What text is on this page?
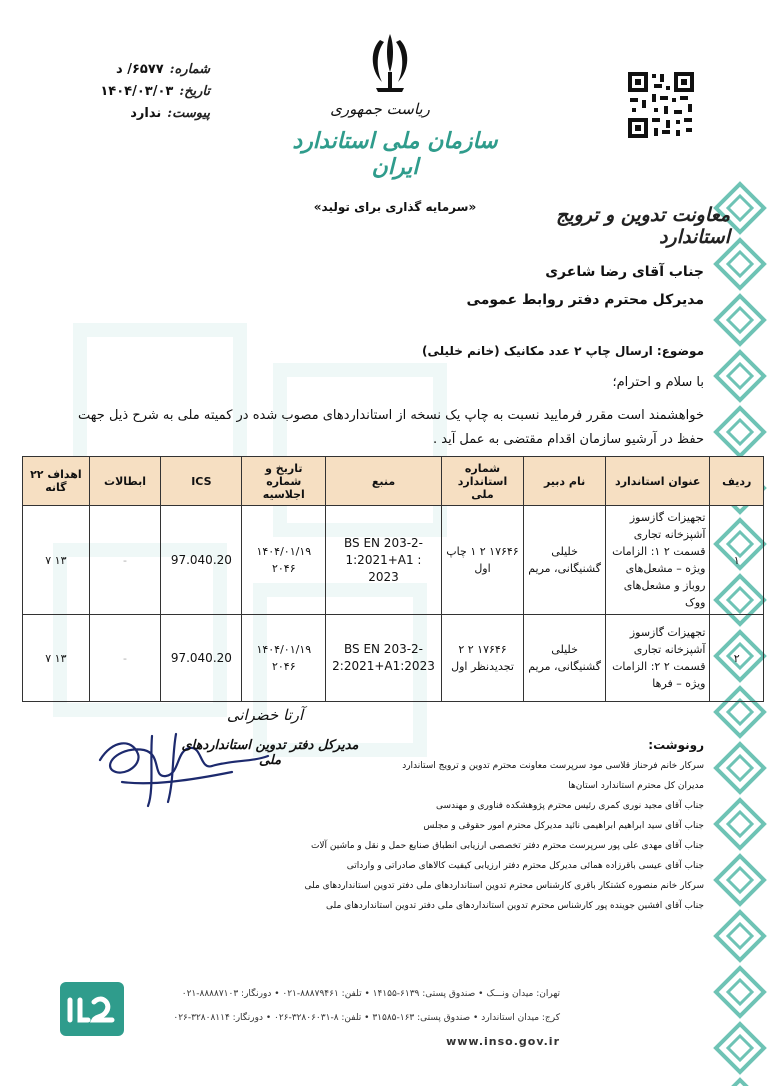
شماره:
۶۵۷۷/ د
تاریخ:
۱۴۰۴/۰۳/۰۳
پیوست:
ندارد	ریاست جمهوری
سازمان ملی استاندارد ایران
«سرمایه گذاری برای تولید»	معاونت تدوین و ترویج استاندارد
جناب آقای رضا شاعری
مدیرکل محترم دفتر روابط عمومی
موضوع: ارسال چاپ ۲ عدد مکانیک (خانم خلیلی)
با سلام و احترام؛
خواهشمند است مقرر فرمایید نسبت به چاپ یک نسخه از استانداردهای مصوب شده در کمیته ملی به شرح ذیل جهت حفظ در آرشیو سازمان اقدام مقتضی به عمل آید .
ردیف	عنوان استاندارد	نام دبیر	شماره استاندارد ملی	منبع	تاریخ و شماره اجلاسیه	ICS	ابطالات	اهداف ۲۲ گانه
۱	تجهیزات گازسوز آشپزخانه تجاری قسمت ۲ ۱: الزامات ویژه – مشعل‌های روباز و مشعل‌های ووک	خلیلی گشنیگانی، مریم	۱۷۶۴۶ ۲ ۱ چاپ اول	BS EN 203-2-1:2021+A1 : 2023	۱۴۰۴/۰۱/۱۹ ۲۰۴۶	97.040.20	-	۱۳ ۷
۲	تجهیزات گازسوز آشپزخانه تجاری قسمت ۲ ۲: الزامات ویژه – فرها	خلیلی گشنیگانی، مریم	۱۷۶۴۶ ۲ ۲ تجدیدنظر اول	BS EN 203-2-2:2021+A1:2023	۱۴۰۴/۰۱/۱۹ ۲۰۴۶	97.040.20	-	۱۳ ۷
آرتا خضرانی
مدیرکل دفتر تدوین استانداردهای ملی
رونوشت:
سرکار خانم فرحناز قلاسی مود سرپرست معاونت محترم تدوین و ترویج استاندارد
مدیران کل محترم استاندارد استان‌ها
جناب آقای مجید نوری کمری رئیس محترم پژوهشکده فناوری و مهندسی
جناب آقای سید ابراهیم ابراهیمی نائید مدیرکل محترم امور حقوقی و مجلس
جناب آقای مهدی علی پور سرپرست محترم دفتر تخصصی ارزیابی انطباق صنایع حمل و نقل و ماشین آلات
جناب آقای عیسی باقرزاده همائی مدیرکل محترم دفتر ارزیابی کیفیت کالاهای صادراتی و وارداتی
سرکار خانم منصوره کشتکار باقری کارشناس محترم تدوین استانداردهای ملی دفتر تدوین استانداردهای ملی
جناب آقای افشین جوینده پور کارشناس محترم تدوین استانداردهای ملی دفتر تدوین استانداردهای ملی
تهران: میدان ونـــک • صندوق پستی: ۶۱۳۹-۱۴۱۵۵ • تلفن: ۸۸۸۷۹۴۶۱-۰۲۱ • دورنگار: ۸۸۸۸۷۱۰۳-۰۲۱
کرج: میدان استاندارد • صندوق پستی: ۱۶۳-۳۱۵۸۵ • تلفن: ۸-۳۲۸۰۶۰۳۱-۰۲۶ • دورنگار: ۳۲۸۰۸۱۱۴-۰۲۶
www.inso.gov.ir
